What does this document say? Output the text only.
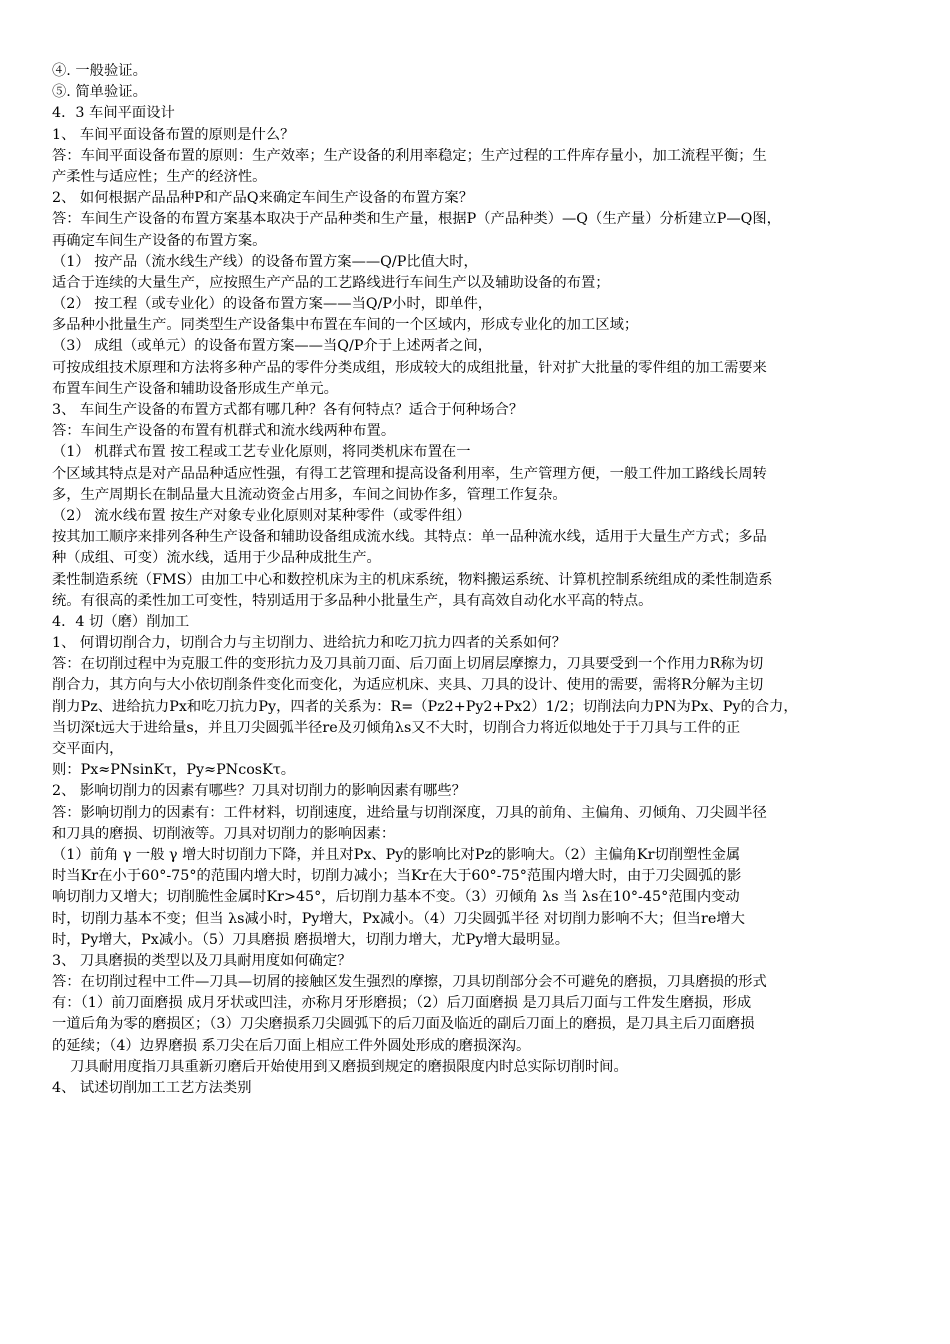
④. 一般验证。
⑤. 简单验证。
4．3 车间平面设计
1、 车间平面设备布置的原则是什么？
答：车间平面设备布置的原则：生产效率；生产设备的利用率稳定；生产过程的工件库存量小，加工流程平衡；生
产柔性与适应性；生产的经济性。
2、 如何根据产品品种P和产品Q来确定车间生产设备的布置方案？
答：车间生产设备的布置方案基本取决于产品种类和生产量，根据P（产品种类）—Q（生产量）分析建立P—Q图，
再确定车间生产设备的布置方案。
（1） 按产品（流水线生产线）的设备布置方案——Q/P比值大时，
适合于连续的大量生产，应按照生产产品的工艺路线进行车间生产以及辅助设备的布置；
（2） 按工程（或专业化）的设备布置方案——当Q/P小时，即单件，
多品种小批量生产。同类型生产设备集中布置在车间的一个区域内，形成专业化的加工区域；
（3） 成组（或单元）的设备布置方案——当Q/P介于上述两者之间，
可按成组技术原理和方法将多种产品的零件分类成组，形成较大的成组批量，针对扩大批量的零件组的加工需要来
布置车间生产设备和辅助设备形成生产单元。
3、 车间生产设备的布置方式都有哪几种？各有何特点？适合于何种场合？
答：车间生产设备的布置有机群式和流水线两种布置。
（1） 机群式布置 按工程或工艺专业化原则，将同类机床布置在一
个区域其特点是对产品品种适应性强，有得工艺管理和提高设备利用率，生产管理方便，一般工件加工路线长周转
多，生产周期长在制品量大且流动资金占用多，车间之间协作多，管理工作复杂。
（2） 流水线布置 按生产对象专业化原则对某种零件（或零件组）
按其加工顺序来排列各种生产设备和辅助设备组成流水线。其特点：单一品种流水线，适用于大量生产方式；多品
种（成组、可变）流水线，适用于少品种成批生产。
柔性制造系统（FMS）由加工中心和数控机床为主的机床系统，物料搬运系统、计算机控制系统组成的柔性制造系
统。有很高的柔性加工可变性，特别适用于多品种小批量生产，具有高效自动化水平高的特点。
4．4 切（磨）削加工
1、 何谓切削合力，切削合力与主切削力、进给抗力和吃刀抗力四者的关系如何？
答：在切削过程中为克服工件的变形抗力及刀具前刀面、后刀面上切屑层摩擦力，刀具要受到一个作用力R称为切
削合力，其方向与大小依切削条件变化而变化，为适应机床、夹具、刀具的设计、使用的需要，需将R分解为主切
削力Pz、进给抗力Px和吃刀抗力Py，四者的关系为：R=（Pz2+Py2+Px2）1/2；切削法向力PN为Px、Py的合力，
当切深t远大于进给量s，并且刀尖圆弧半径re及刃倾角λs又不大时，切削合力将近似地处于于刀具与工件的正
交平面内，
则：Px≈PNsinKτ，Py≈PNcosKτ。
2、 影响切削力的因素有哪些？刀具对切削力的影响因素有哪些？
答：影响切削力的因素有：工件材料，切削速度，进给量与切削深度，刀具的前角、主偏角、刃倾角、刀尖圆半径
和刀具的磨损、切削液等。刀具对切削力的影响因素：
（1）前角 γ 一般 γ 增大时切削力下降，并且对Px、Py的影响比对Pz的影响大。（2）主偏角Kr切削塑性金属
时当Kr在小于60°-75°的范围内增大时，切削力减小；当Kr在大于60°-75°范围内增大时，由于刀尖圆弧的影
响切削力又增大；切削脆性金属时Kr>45°，后切削力基本不变。（3）刃倾角 λs 当 λs在10°-45°范围内变动
时，切削力基本不变；但当 λs减小时，Py增大，Px减小。（4）刀尖圆弧半径 对切削力影响不大；但当re增大
时，Py增大，Px减小。（5）刀具磨损 磨损增大，切削力增大，尤Py增大最明显。
3、 刀具磨损的类型以及刀具耐用度如何确定？
答：在切削过程中工件—刀具—切屑的接触区发生强烈的摩擦，刀具切削部分会不可避免的磨损，刀具磨损的形式
有：（1）前刀面磨损 成月牙状或凹洼，亦称月牙形磨损；（2）后刀面磨损 是刀具后刀面与工件发生磨损，形成
一道后角为零的磨损区；（3）刀尖磨损系刀尖圆弧下的后刀面及临近的副后刀面上的磨损，是刀具主后刀面磨损
的延续；（4）边界磨损 系刀尖在后刀面上相应工件外圆处形成的磨损深沟。
刀具耐用度指刀具重新刃磨后开始使用到又磨损到规定的磨损限度内时总实际切削时间。
4、 试述切削加工工艺方法类别
